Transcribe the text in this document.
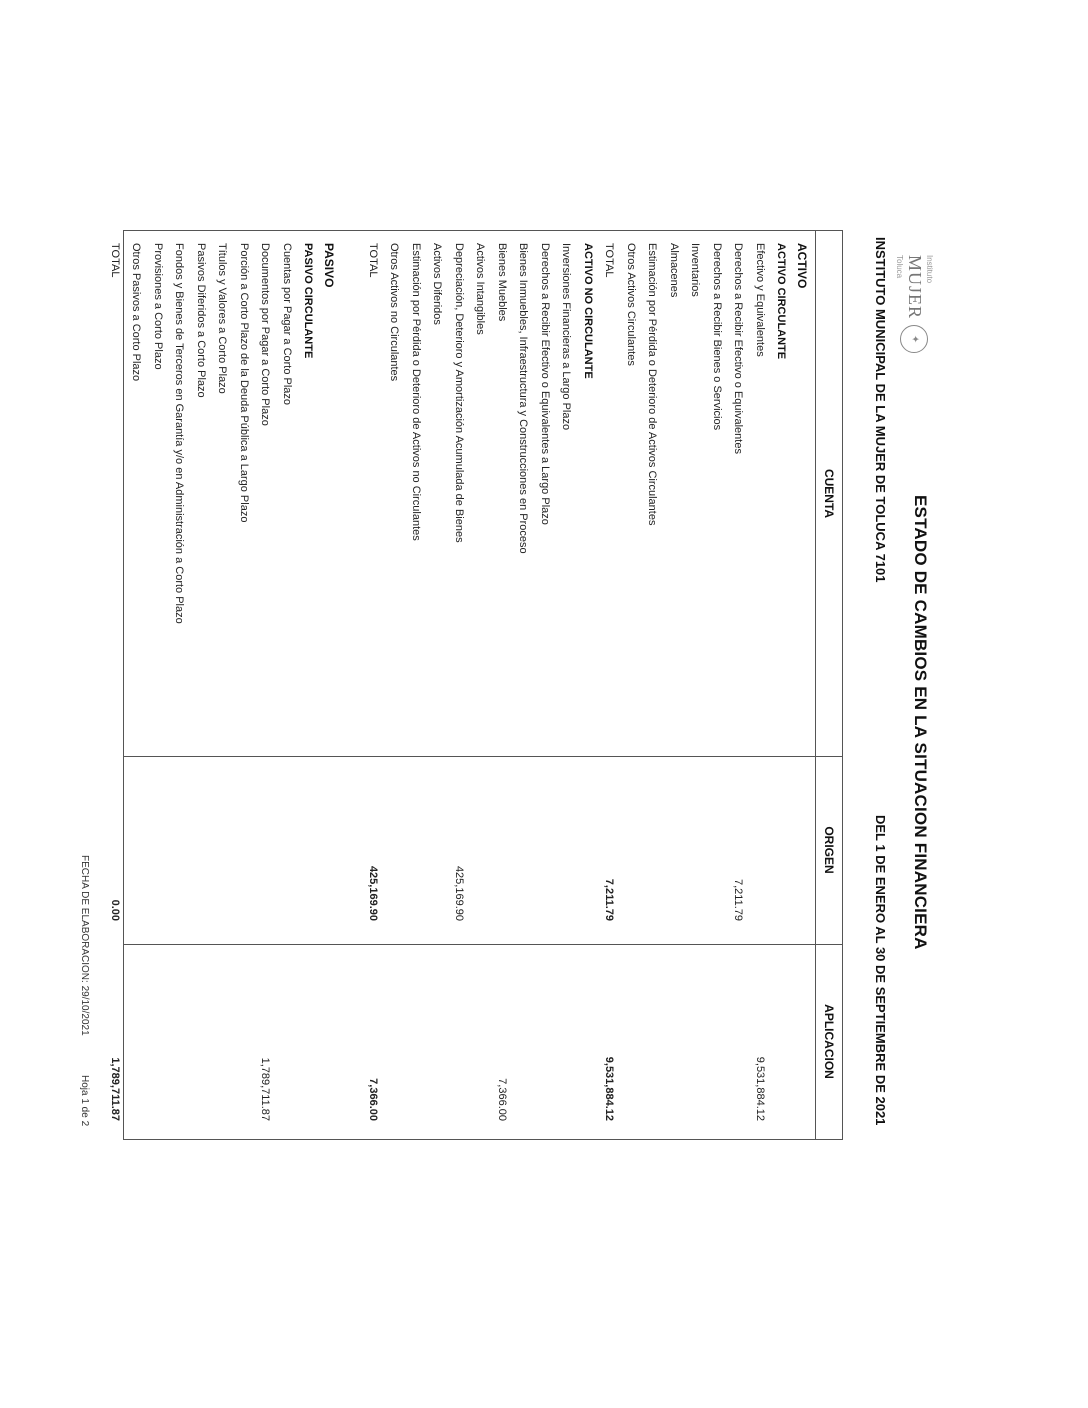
Instituto
MUJER
Toluca
✦
ESTADO DE CAMBIOS EN LA SITUACION FINANCIERA
INSTITUTO MUNICIPAL DE LA MUJER DE TOLUCA 7101
DEL 1 DE ENERO AL 30 DE SEPTIEMBRE DE 2021
CUENTA
ORIGEN
APLICACION
ACTIVO
ACTIVO CIRCULANTE
Efectivo y Equivalentes
9,531,884.12
Derechos a Recibir Efectivo o Equivalentes
7,211.79
Derechos a Recibir Bienes o Servicios
Inventarios
Almacenes
Estimación por Pérdida o Deterioro de Activos Circulantes
Otros Activos Circulantes
TOTAL
7,211.79
9,531,884.12
ACTIVO NO CIRCULANTE
Inversiones Financieras a Largo Plazo
Derechos a Recibir Efectivo o Equivalentes a Largo Plazo
Bienes Inmuebles, Infraestructura y Construcciones en Proceso
Bienes Muebles
7,366.00
Activos Intangibles
Depreciación, Deterioro y Amortización Acumulada de Bienes
425,169.90
Activos Diferidos
Estimación por Pérdida o Deterioro de Activos no Circulantes
Otros Activos no Circulantes
TOTAL
425,169.90
7,366.00
PASIVO
PASIVO CIRCULANTE
Cuentas por Pagar a Corto Plazo
Documentos por Pagar a Corto Plazo
1,789,711.87
Porción a Corto Plazo de la Deuda Pública a Largo Plazo
Títulos y Valores a Corto Plazo
Pasivos Diferidos a Corto Plazo
Fondos y Bienes de Terceros en Garantía y/o en Administración a Corto Plazo
Provisiones a Corto Plazo
Otros Pasivos a Corto Plazo
TOTAL
0.00
1,789,711.87
FECHA DE ELABORACION: 29/10/2021
Hoja 1 de 2
